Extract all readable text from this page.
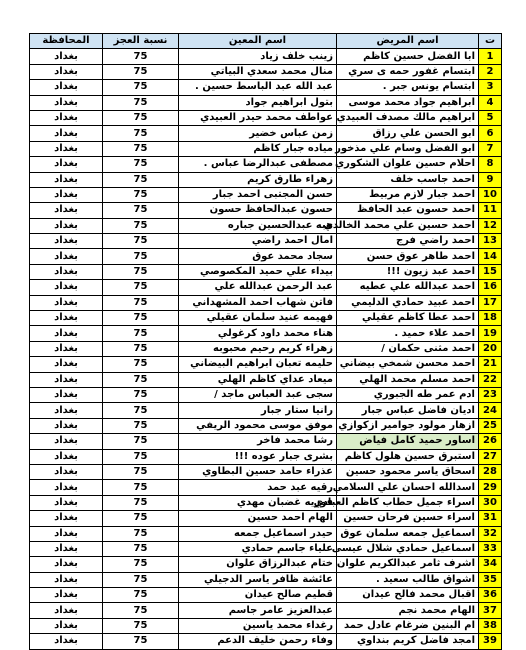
ت	اسم المريض	اسم المعين	نسبة العجز	المحافظة
1	ابا الفضل حسين كاظم	زينب خلف زياد	75	بغداد
2	ابتسام غفور حمه ى سري	منال محمد سعدي البياتي	75	بغداد
3	ابتسام يونس جبر .	عبد الله عبد الباسط حسين .	75	بغداد
4	ابراهيم جواد محمد موسى	بتول ابراهيم جواد	75	بغداد
5	ابراهيم مالك مصدف العبيدي	عواطف محمد حيدر العبيدي	75	بغداد
6	ابو الحسن علي رزاق	زمن عباس خضير	75	بغداد
7	ابو الفضل وسام علي مذخور	مياده جبار كاظم	75	بغداد
8	احلام حسين علوان الشكوري	مصطفى عبدالرضا عباس .	75	بغداد
9	احمد جاسب خلف	زهراء طارق كريم	75	بغداد
10	احمد جبار لازم مربيط	حسن المجتبى احمد جبار	75	بغداد
11	احمد حسون عبد الحافظ	حسون عبدالحافظ حسون	75	بغداد
12	احمد حسين علي محمد الخالدي	هبه عبدالحسين جباره	75	بغداد
13	احمد راضي فرج	امال احمد راضي	75	بغداد
14	احمد طاهر عوق حسن	سجاد محمد عوق	75	بغداد
15	احمد عبد زيون !!!	بيداء علي حميد المكصوصي	75	بغداد
16	احمد عبدالله علي عطيه	عبد الرحمن عبدالله علي	75	بغداد
17	احمد عبيد حمادي الدليمي	فاتن شهاب احمد المشهداني	75	بغداد
18	احمد عطا كاظم عقيلي	فهيمه عنيد سلمان عقيلي	75	بغداد
19	احمد علاء حميد .	هناء محمد داود كرغولي	75	بغداد
20	احمد مثنى حكمان /	زهراء كريم رحيم محبوبه	75	بغداد
21	احمد محسن شمخي بيضاني	حليمه تعبان ابراهيم البيضاني	75	بغداد
22	احمد مسلم محمد الهلي	ميعاد عداي كاظم الهلي	75	بغداد
23	ادم عمر طه الجبوري	سجى عبد العباس ماجد /	75	بغداد
24	اديان فاضل عباس جبار	رانيا ستار جبار	75	بغداد
25	ازهار مولود جوامير ازكوازي	موفق موسى محمود الريفي	75	بغداد
26	اساور حميد كامل فياض	رشا محمد فاخر	75	بغداد
27	استبرق حسين هلول كاظم	بشرى جبار عوده !!!	75	بغداد
28	اسحاق ياسر محمود حسين	عذراء حامد حسين البطاوي	75	بغداد
29	اسدالله احسان علي السلامي	رقيه عبد حمد	75	بغداد
30	اسراء جميل حطاب كاظم العبادي	فوزيه غضبان مهدي	75	بغداد
31	اسراء حسين فرحان حسين	الهام احمد حسين	75	بغداد
32	اسماعيل جمعه سلمان عوق	حيدر اسماعيل جمعه	75	بغداد
33	اسماعيل حمادي شلال عيسى	علياء جاسم حمادي	75	بغداد
34	اشرف ثامر عبدالكريم علوان	ختام عبدالرزاق علوان	75	بغداد
35	اشواق طالب سعيد .	عائشة ظافر ياسر الدجيلي	75	بغداد
36	اقبال محمد فالح عيدان	قطيم صالح عيدان	75	بغداد
37	الهام محمد نجم	عبدالعزيز عامر جاسم	75	بغداد
38	ام البنين ضرغام عادل حمد	رغداء محمد ياسين	75	بغداد
39	امجد فاضل كريم بنداوي	وفاء رحمن خليف الدعم	75	بغداد
